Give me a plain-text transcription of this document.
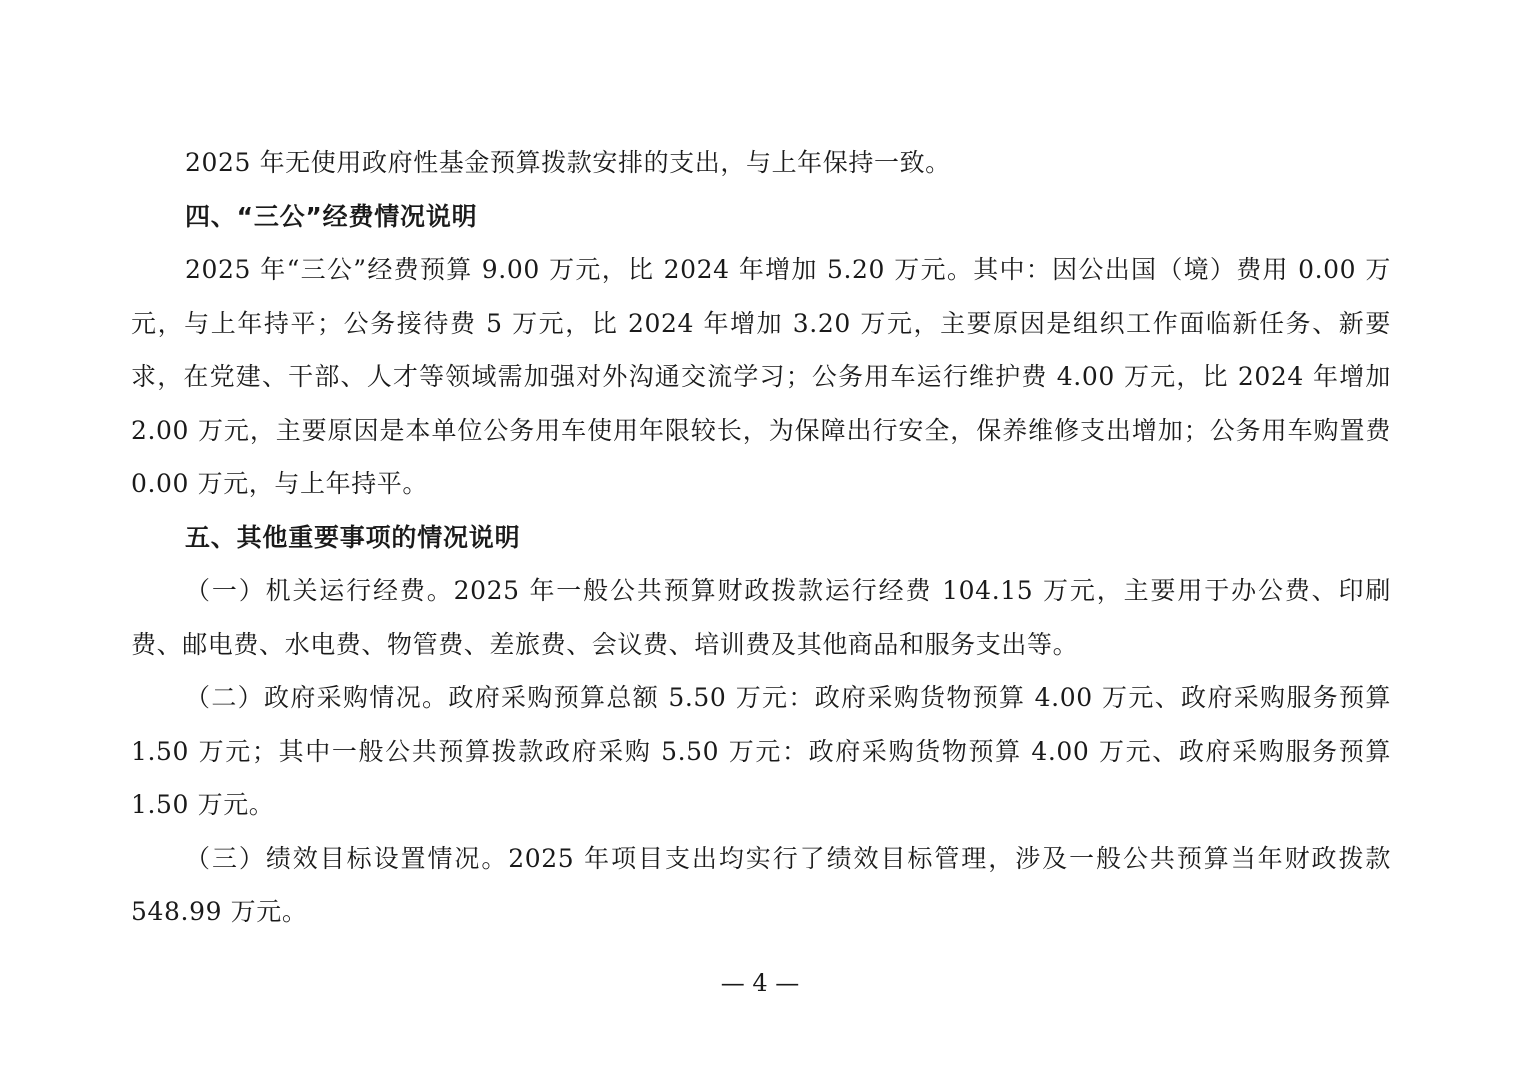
2025 年无使用政府性基金预算拨款安排的支出，与上年保持一致。

四、“三公”经费情况说明

2025 年“三公”经费预算 9.00 万元，比 2024 年增加 5.20 万元。其中：因公出国（境）费用 0.00 万元，与上年持平；公务接待费 5 万元，比 2024 年增加 3.20 万元，主要原因是组织工作面临新任务、新要求，在党建、干部、人才等领域需加强对外沟通交流学习；公务用车运行维护费 4.00 万元，比 2024 年增加 2.00 万元，主要原因是本单位公务用车使用年限较长，为保障出行安全，保养维修支出增加；公务用车购置费 0.00 万元，与上年持平。

五、其他重要事项的情况说明

（一）机关运行经费。2025 年一般公共预算财政拨款运行经费 104.15 万元，主要用于办公费、印刷费、邮电费、水电费、物管费、差旅费、会议费、培训费及其他商品和服务支出等。

（二）政府采购情况。政府采购预算总额 5.50 万元：政府采购货物预算 4.00 万元、政府采购服务预算 1.50 万元；其中一般公共预算拨款政府采购 5.50 万元：政府采购货物预算 4.00 万元、政府采购服务预算 1.50 万元。

（三）绩效目标设置情况。2025 年项目支出均实行了绩效目标管理，涉及一般公共预算当年财政拨款 548.99 万元。

— 4 —
